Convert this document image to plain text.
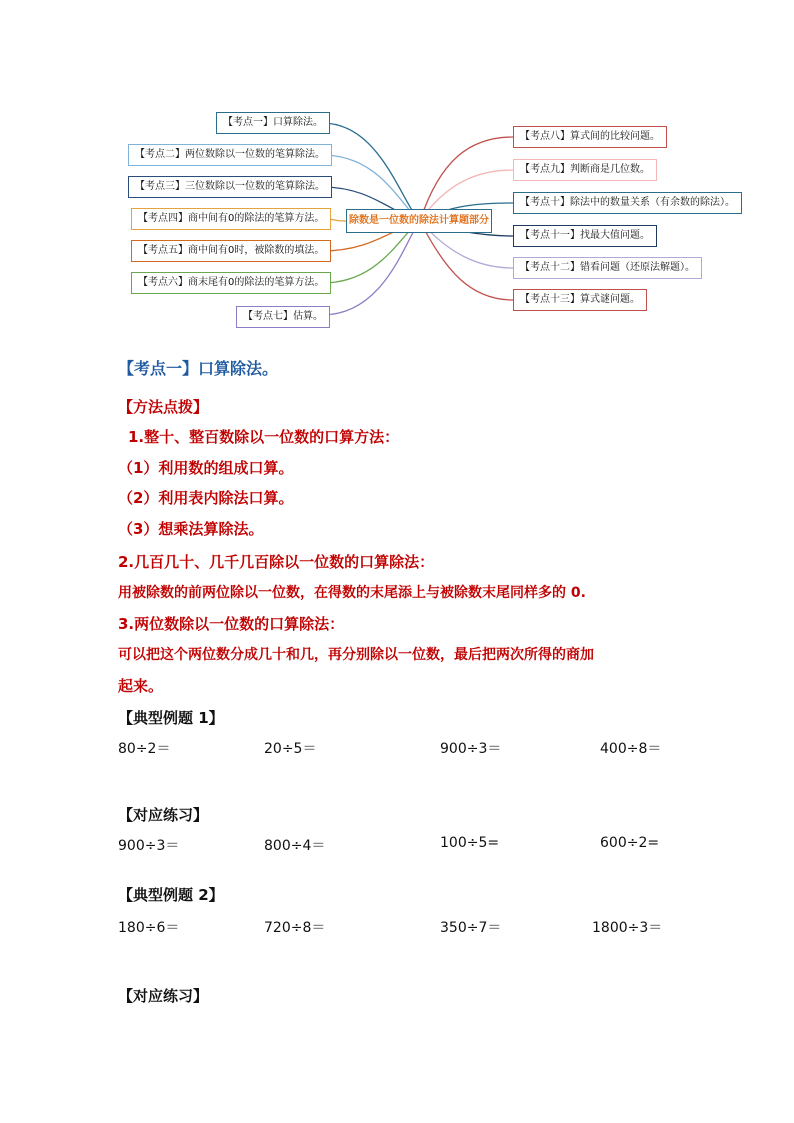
【考点一】口算除法。
【考点二】两位数除以一位数的笔算除法。
【考点三】三位数除以一位数的笔算除法。
【考点四】商中间有0的除法的笔算方法。
【考点五】商中间有0时，被除数的填法。
【考点六】商末尾有0的除法的笔算方法。
【考点七】估算。
除数是一位数的除法计算题部分
【考点八】算式间的比较问题。
【考点九】判断商是几位数。
【考点十】除法中的数量关系（有余数的除法）。
【考点十一】找最大值问题。
【考点十二】错看问题（还原法解题）。
【考点十三】算式谜问题。
【考点一】口算除法。
【方法点拨】
1.整十、整百数除以一位数的口算方法：
（1）利用数的组成口算。
（2）利用表内除法口算。
（3）想乘法算除法。
2.几百几十、几千几百除以一位数的口算除法：
用被除数的前两位除以一位数，在得数的末尾添上与被除数末尾同样多的 0.
3.两位数除以一位数的口算除法：
可以把这个两位数分成几十和几，再分别除以一位数，最后把两次所得的商加
起来。
【典型例题 1】
80÷2＝	20÷5＝	900÷3＝	400÷8＝
【对应练习】
900÷3＝	800÷4＝	100÷5=	600÷2=
【典型例题 2】
180÷6＝	720÷8＝	350÷7＝	1800÷3＝
【对应练习】
